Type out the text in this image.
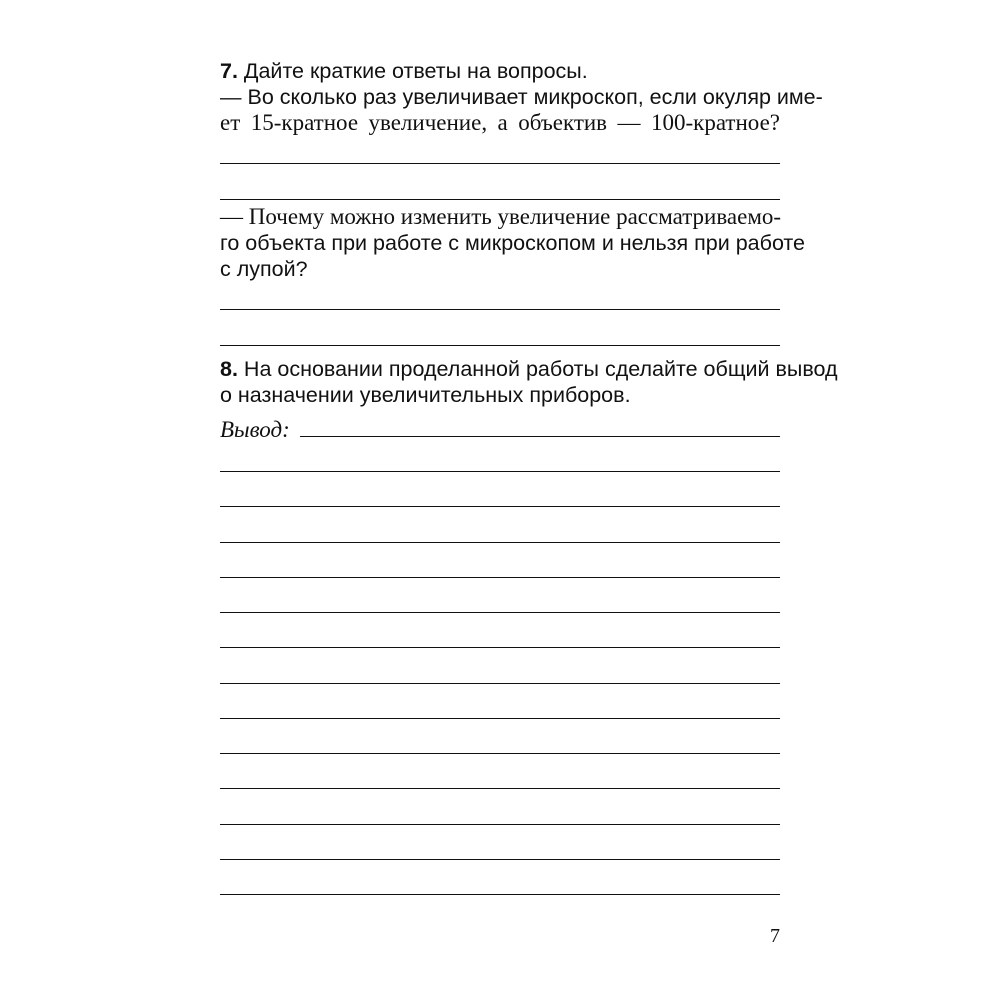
7. Дайте краткие ответы на вопросы.
— Во сколько раз увеличивает микроскоп, если окуляр име-
ет 15-кратное увеличение, а объектив — 100-кратное?
— Почему можно изменить увеличение рассматриваемо-
го объекта при работе с микроскопом и нельзя при работе
с лупой?
8. На основании проделанной работы сделайте общий вывод
о назначении увеличительных приборов.
Вывод:
7
